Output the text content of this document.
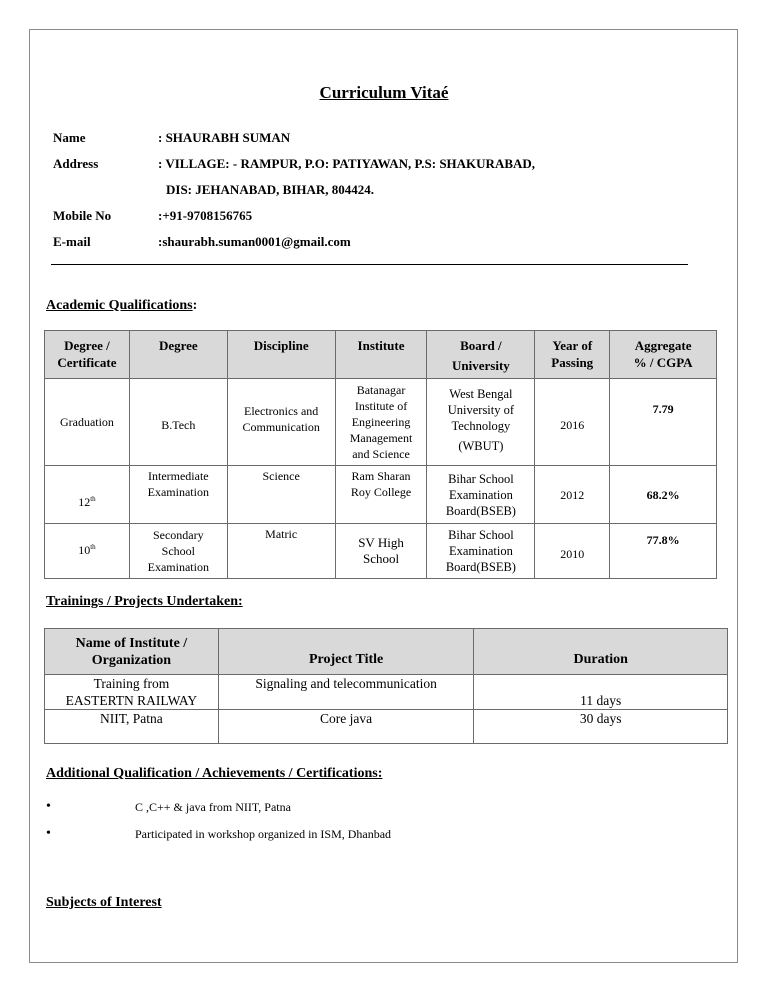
Curriculum Vitaé
Name	: SHAURABH SUMAN
Address	: VILLAGE: - RAMPUR, P.O: PATIYAWAN, P.S: SHAKURABAD,
DIS: JEHANABAD, BIHAR, 804424.
Mobile No	:+91-9708156765
E-mail	:shaurabh.suman0001@gmail.com
Academic Qualifications:
Degree /
Certificate	Degree	Discipline	Institute	Board /
University	Year of
Passing	Aggregate
% / CGPA
Graduation	B.Tech	Electronics and
Communication	Batanagar
Institute of
Engineering
Management
and Science	West Bengal
University of
Technology
(WBUT)	2016	7.79
12th	Intermediate
Examination	Science	Ram Sharan
Roy College	Bihar School
Examination
Board(BSEB)	2012	68.2%
10th	Secondary
School
Examination	Matric	SV High
School	Bihar School
Examination
Board(BSEB)	2010	77.8%
Trainings / Projects Undertaken:
Name of Institute /
Organization	Project Title	Duration
Training from
EASTERTN RAILWAY	Signaling and telecommunication	11 days
NIIT, Patna	Core java	30 days
Additional Qualification / Achievements / Certifications:
•	C ,C++ & java from NIIT, Patna
•	Participated in workshop organized in ISM, Dhanbad
Subjects of Interest
